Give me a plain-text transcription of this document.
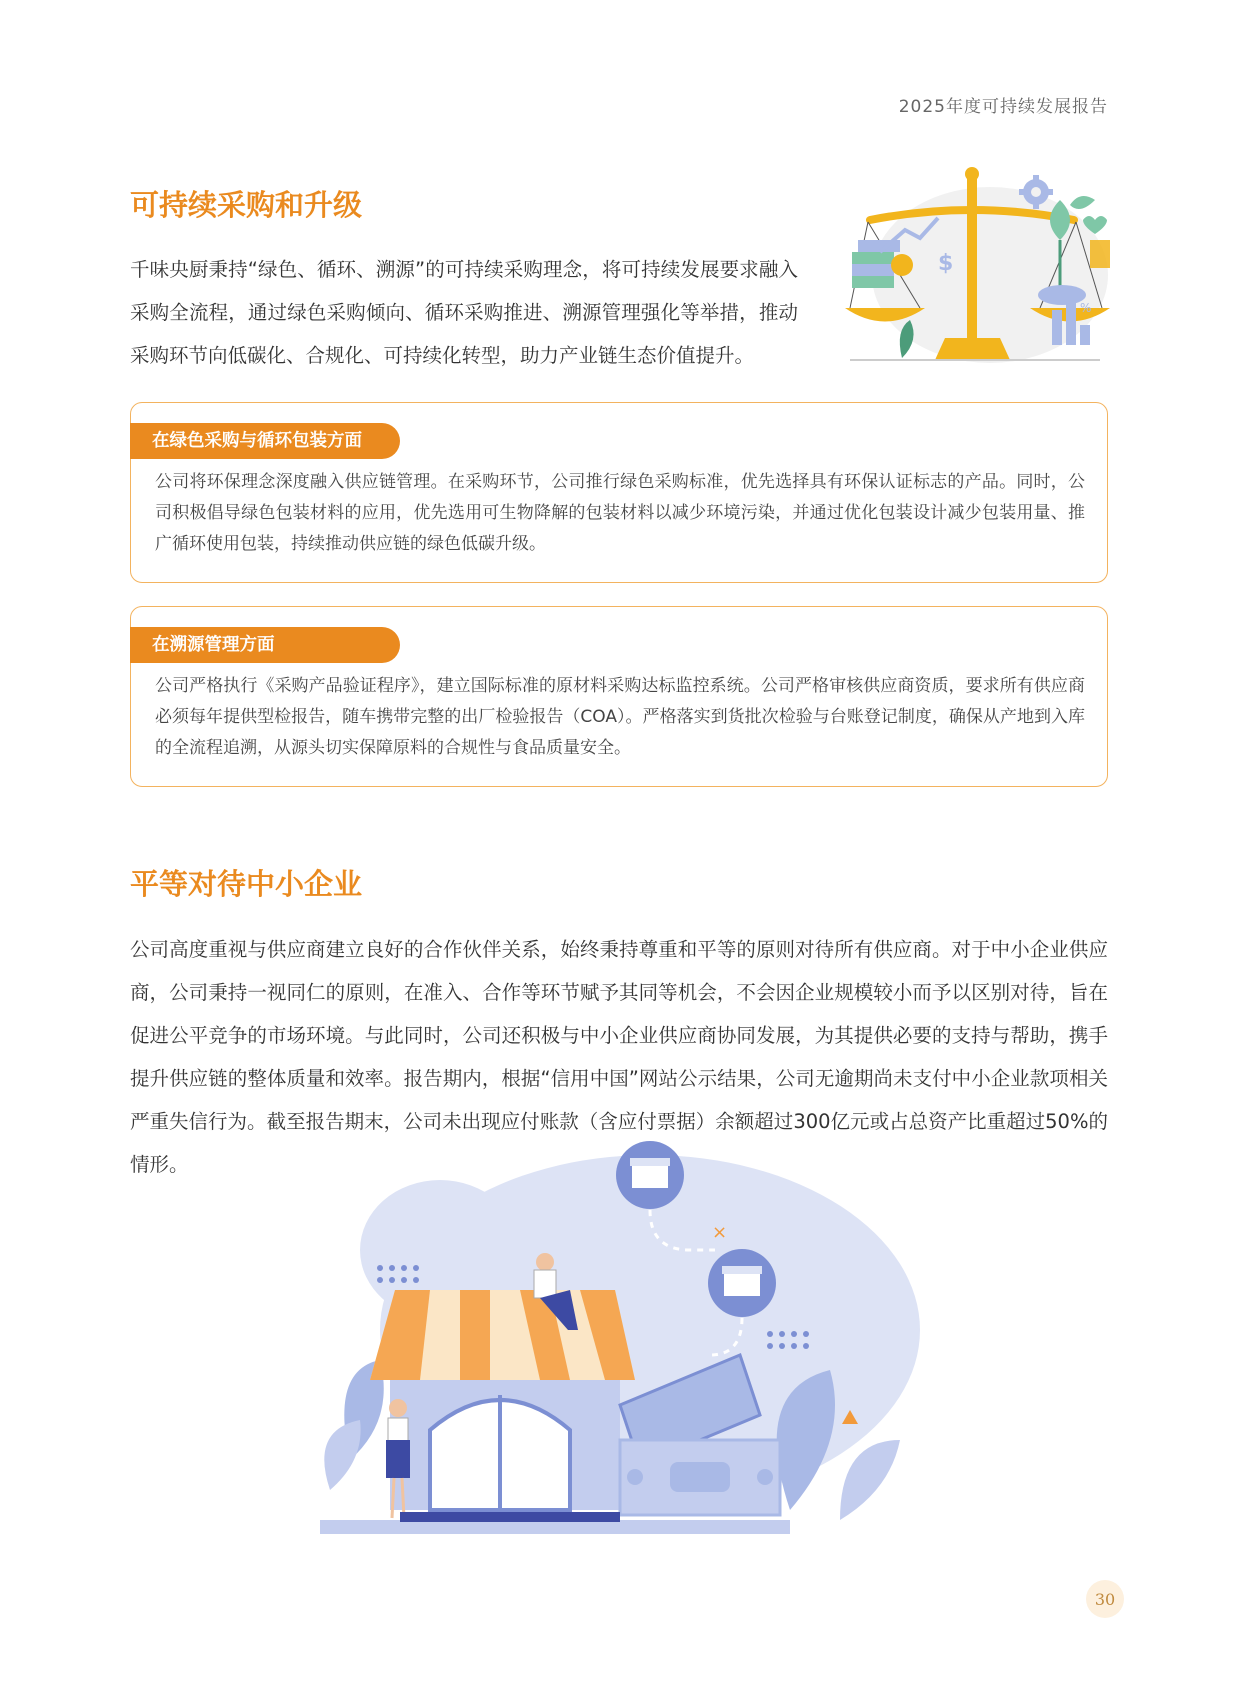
2025年度可持续发展报告
可持续采购和升级
千味央厨秉持“绿色、循环、溯源”的可持续采购理念，将可持续发展要求融入采购全流程，通过绿色采购倾向、循环采购推进、溯源管理强化等举措，推动采购环节向低碳化、合规化、可持续化转型，助力产业链生态价值提升。
$
%
在绿色采购与循环包装方面
公司将环保理念深度融入供应链管理。在采购环节，公司推行绿色采购标准，优先选择具有环保认证标志的产品。同时，公司积极倡导绿色包装材料的应用，优先选用可生物降解的包装材料以减少环境污染，并通过优化包装设计减少包装用量、推广循环使用包装，持续推动供应链的绿色低碳升级。
在溯源管理方面
公司严格执行《采购产品验证程序》，建立国际标准的原材料采购达标监控系统。公司严格审核供应商资质，要求所有供应商必须每年提供型检报告，随车携带完整的出厂检验报告（COA）。严格落实到货批次检验与台账登记制度，确保从产地到入库的全流程追溯，从源头切实保障原料的合规性与食品质量安全。
平等对待中小企业
公司高度重视与供应商建立良好的合作伙伴关系，始终秉持尊重和平等的原则对待所有供应商。对于中小企业供应商，公司秉持一视同仁的原则，在准入、合作等环节赋予其同等机会，不会因企业规模较小而予以区别对待，旨在促进公平竞争的市场环境。与此同时，公司还积极与中小企业供应商协同发展，为其提供必要的支持与帮助，携手提升供应链的整体质量和效率。报告期内，根据“信用中国”网站公示结果，公司无逾期尚未支付中小企业款项相关严重失信行为。截至报告期末，公司未出现应付账款（含应付票据）余额超过300亿元或占总资产比重超过50%的情形。
×
30
